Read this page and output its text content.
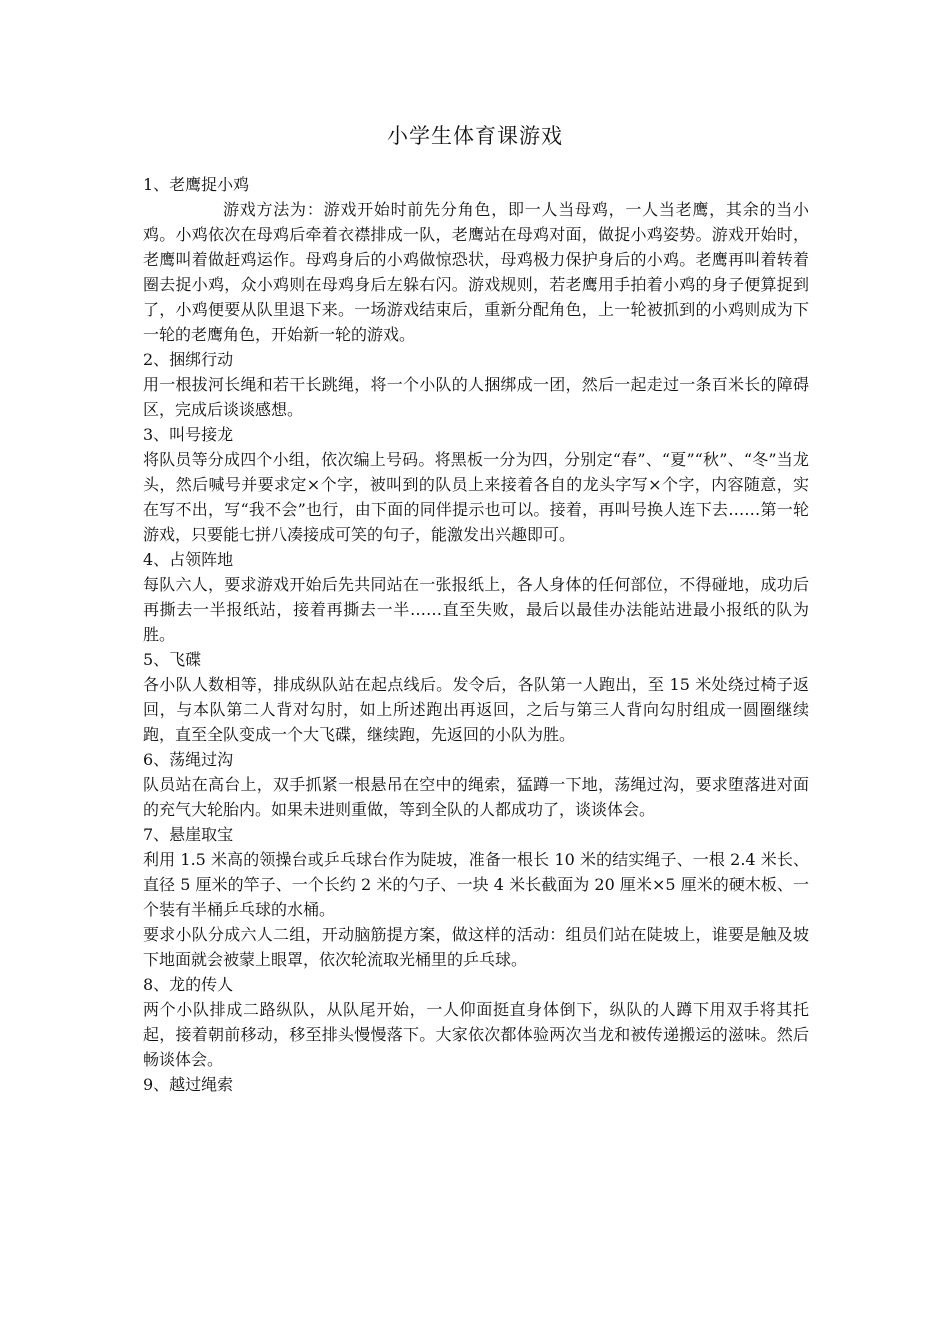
小学生体育课游戏

1、老鹰捉小鸡

游戏方法为：游戏开始时前先分角色，即一人当母鸡，一人当老鹰，其余的当小鸡。小鸡依次在母鸡后牵着衣襟排成一队，老鹰站在母鸡对面，做捉小鸡姿势。游戏开始时，老鹰叫着做赶鸡运作。母鸡身后的小鸡做惊恐状，母鸡极力保护身后的小鸡。老鹰再叫着转着圈去捉小鸡，众小鸡则在母鸡身后左躲右闪。游戏规则，若老鹰用手拍着小鸡的身子便算捉到了，小鸡便要从队里退下来。一场游戏结束后，重新分配角色，上一轮被抓到的小鸡则成为下一轮的老鹰角色，开始新一轮的游戏。

2、捆绑行动

用一根拔河长绳和若干长跳绳，将一个小队的人捆绑成一团，然后一起走过一条百米长的障碍区，完成后谈谈感想。

3、叫号接龙

将队员等分成四个小组，依次编上号码。将黑板一分为四，分别定“春”、“夏”“秋”、“冬”当龙头，然后喊号并要求定×个字，被叫到的队员上来接着各自的龙头字写×个字，内容随意，实在写不出，写“我不会”也行，由下面的同伴提示也可以。接着，再叫号换人连下去……第一轮游戏，只要能七拼八凑接成可笑的句子，能激发出兴趣即可。

4、占领阵地

每队六人，要求游戏开始后先共同站在一张报纸上，各人身体的任何部位，不得碰地，成功后再撕去一半报纸站，接着再撕去一半……直至失败，最后以最佳办法能站进最小报纸的队为胜。

5、飞碟

各小队人数相等，排成纵队站在起点线后。发令后，各队第一人跑出，至 15 米处绕过椅子返回，与本队第二人背对勾肘，如上所述跑出再返回，之后与第三人背向勾肘组成一圆圈继续跑，直至全队变成一个大飞碟，继续跑，先返回的小队为胜。

6、荡绳过沟

队员站在高台上，双手抓紧一根悬吊在空中的绳索，猛蹲一下地，荡绳过沟，要求堕落进对面的充气大轮胎内。如果未进则重做，等到全队的人都成功了，谈谈体会。

7、悬崖取宝

利用 1.5 米高的领操台或乒乓球台作为陡坡，准备一根长 10 米的结实绳子、一根 2.4 米长、直径 5 厘米的竿子、一个长约 2 米的勺子、一块 4 米长截面为 20 厘米×5 厘米的硬木板、一个装有半桶乒乓球的水桶。

要求小队分成六人二组，开动脑筋提方案，做这样的活动：组员们站在陡坡上，谁要是触及坡下地面就会被蒙上眼罩，依次轮流取光桶里的乒乓球。

8、龙的传人

两个小队排成二路纵队，从队尾开始，一人仰面挺直身体倒下，纵队的人蹲下用双手将其托起，接着朝前移动，移至排头慢慢落下。大家依次都体验两次当龙和被传递搬运的滋味。然后畅谈体会。

9、越过绳索
